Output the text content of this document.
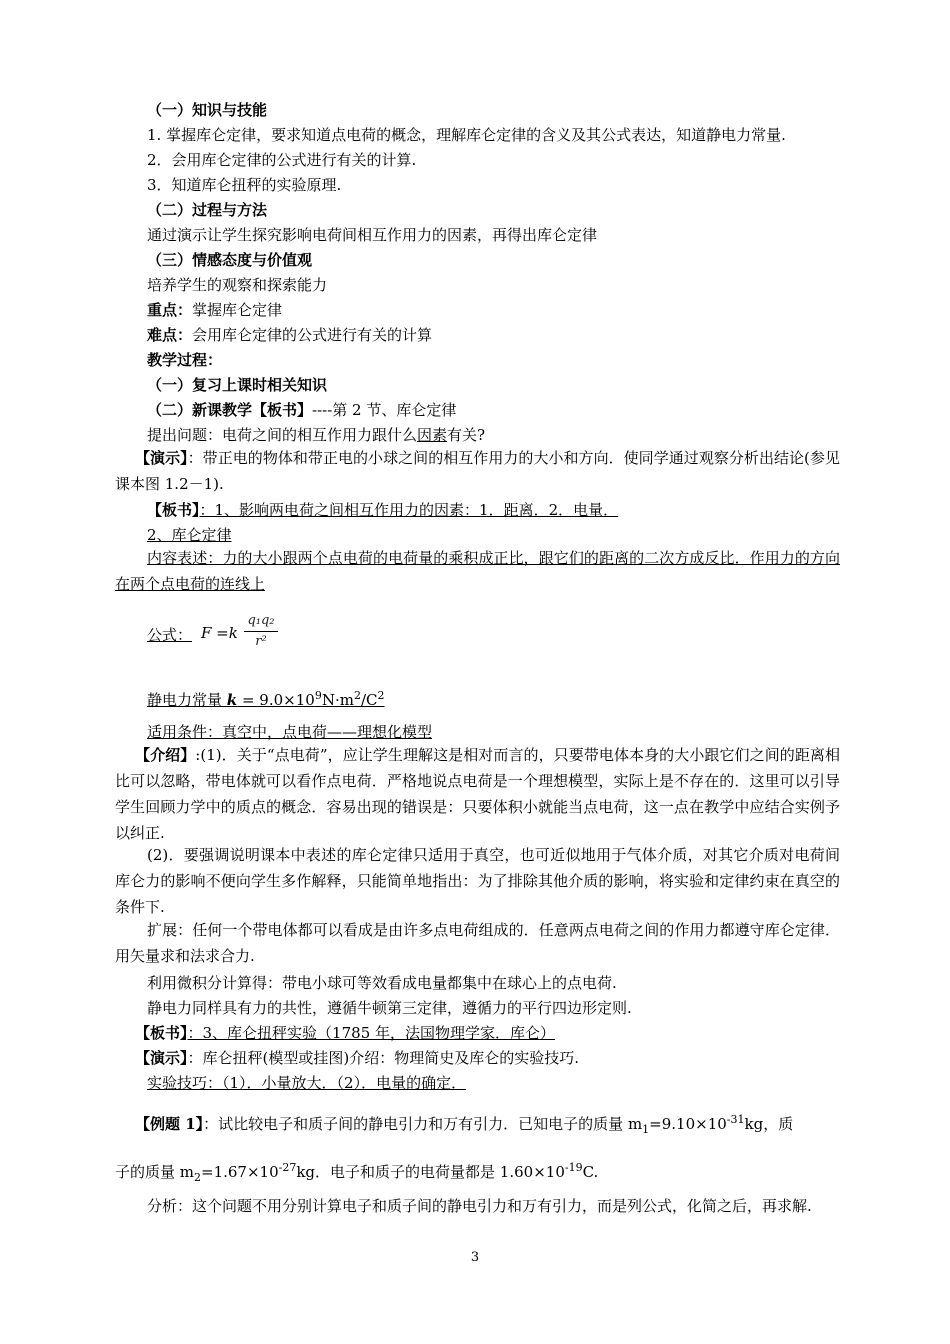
（一）知识与技能
1. 掌握库仑定律，要求知道点电荷的概念，理解库仑定律的含义及其公式表达，知道静电力常量.
2．会用库仑定律的公式进行有关的计算.
3．知道库仑扭秤的实验原理.
（二）过程与方法
通过演示让学生探究影响电荷间相互作用力的因素，再得出库仑定律
（三）情感态度与价值观
培养学生的观察和探索能力
重点：掌握库仑定律
难点：会用库仑定律的公式进行有关的计算
教学过程：
（一）复习上课时相关知识
（二）新课教学【板书】----第 2 节、库仑定律
提出问题：电荷之间的相互作用力跟什么因素有关?
【演示】：带正电的物体和带正电的小球之间的相互作用力的大小和方向．使同学通过观察分析出结论(参见课本图 1.2－1).
【板书】：1、影响两电荷之间相互作用力的因素：1．距离．2．电量．
2、库仑定律
内容表述：力的大小跟两个点电荷的电荷量的乘积成正比，跟它们的距离的二次方成反比．作用力的方向在两个点电荷的连线上
公式： F =k
q₁q₂
r²
静电力常量 $k = 9.0\times 10^9N\cdot m^2/C^2$
适用条件：真空中，点电荷——理想化模型
【介绍】:(1)．关于“点电荷”，应让学生理解这是相对而言的，只要带电体本身的大小跟它们之间的距离相比可以忽略，带电体就可以看作点电荷．严格地说点电荷是一个理想模型，实际上是不存在的．这里可以引导学生回顾力学中的质点的概念．容易出现的错误是：只要体积小就能当点电荷，这一点在教学中应结合实例予以纠正.
(2)．要强调说明课本中表述的库仑定律只适用于真空，也可近似地用于气体介质，对其它介质对电荷间库仑力的影响不便向学生多作解释，只能简单地指出：为了排除其他介质的影响，将实验和定律约束在真空的条件下.
扩展：任何一个带电体都可以看成是由许多点电荷组成的．任意两点电荷之间的作用力都遵守库仑定律．用矢量求和法求合力.
利用微积分计算得：带电小球可等效看成电量都集中在球心上的点电荷.
静电力同样具有力的共性，遵循牛顿第三定律，遵循力的平行四边形定则.
【板书】：3、库仑扭秤实验（1785 年，法国物理学家．库仑）
【演示】：库仑扭秤(模型或挂图)介绍：物理简史及库仑的实验技巧.
实验技巧：（1）．小量放大．（2）．电量的确定．
【例题 1】：试比较电子和质子间的静电引力和万有引力．已知电子的质量 $m_1=9.10\times 10^{-31}kg$，质
子的质量 $m_2=1.67\times 10^{-27}kg$．电子和质子的电荷量都是 $1.60\times 10^{-19}C$.
分析：这个问题不用分别计算电子和质子间的静电引力和万有引力，而是列公式，化简之后，再求解.
3
